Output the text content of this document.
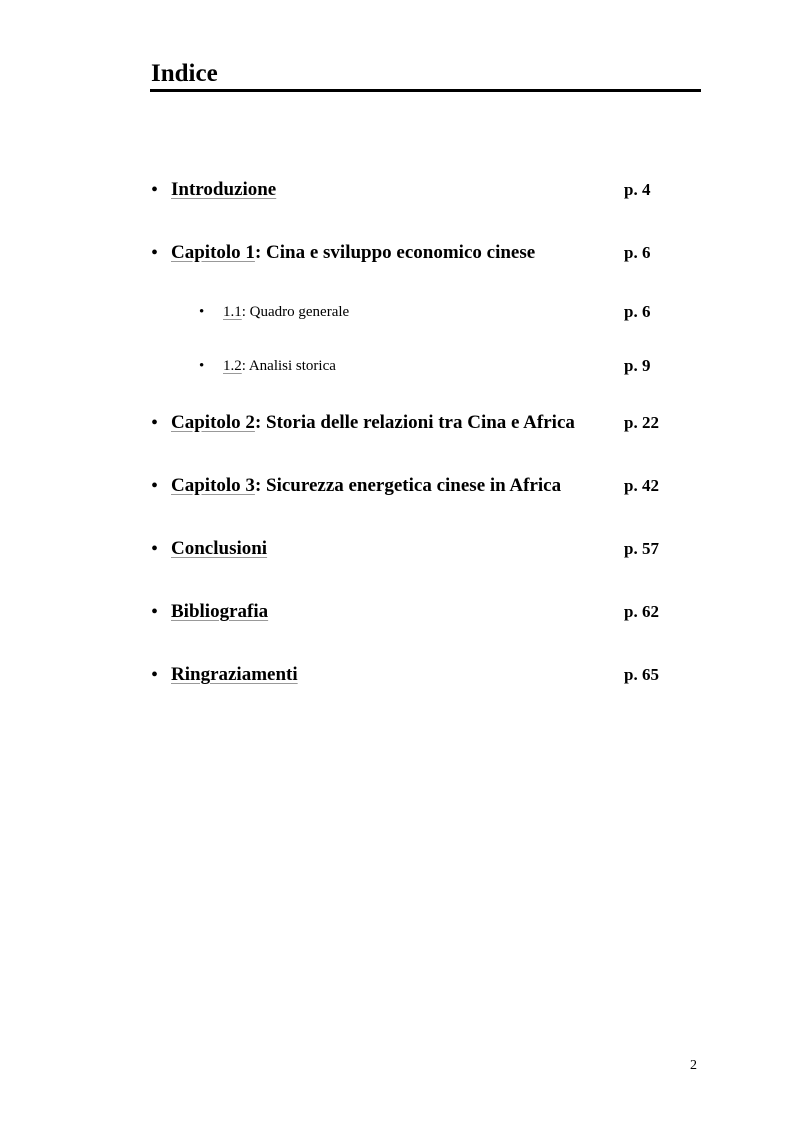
Indice
• Introduzione	p. 4
• Capitolo 1: Cina e sviluppo economico cinese	p. 6
• 1.1: Quadro generale	p. 6
• 1.2: Analisi storica	p. 9
• Capitolo 2: Storia delle relazioni tra Cina e Africa	p. 22
• Capitolo 3: Sicurezza energetica cinese in Africa	p. 42
• Conclusioni	p. 57
• Bibliografia	p. 62
• Ringraziamenti	p. 65
2
